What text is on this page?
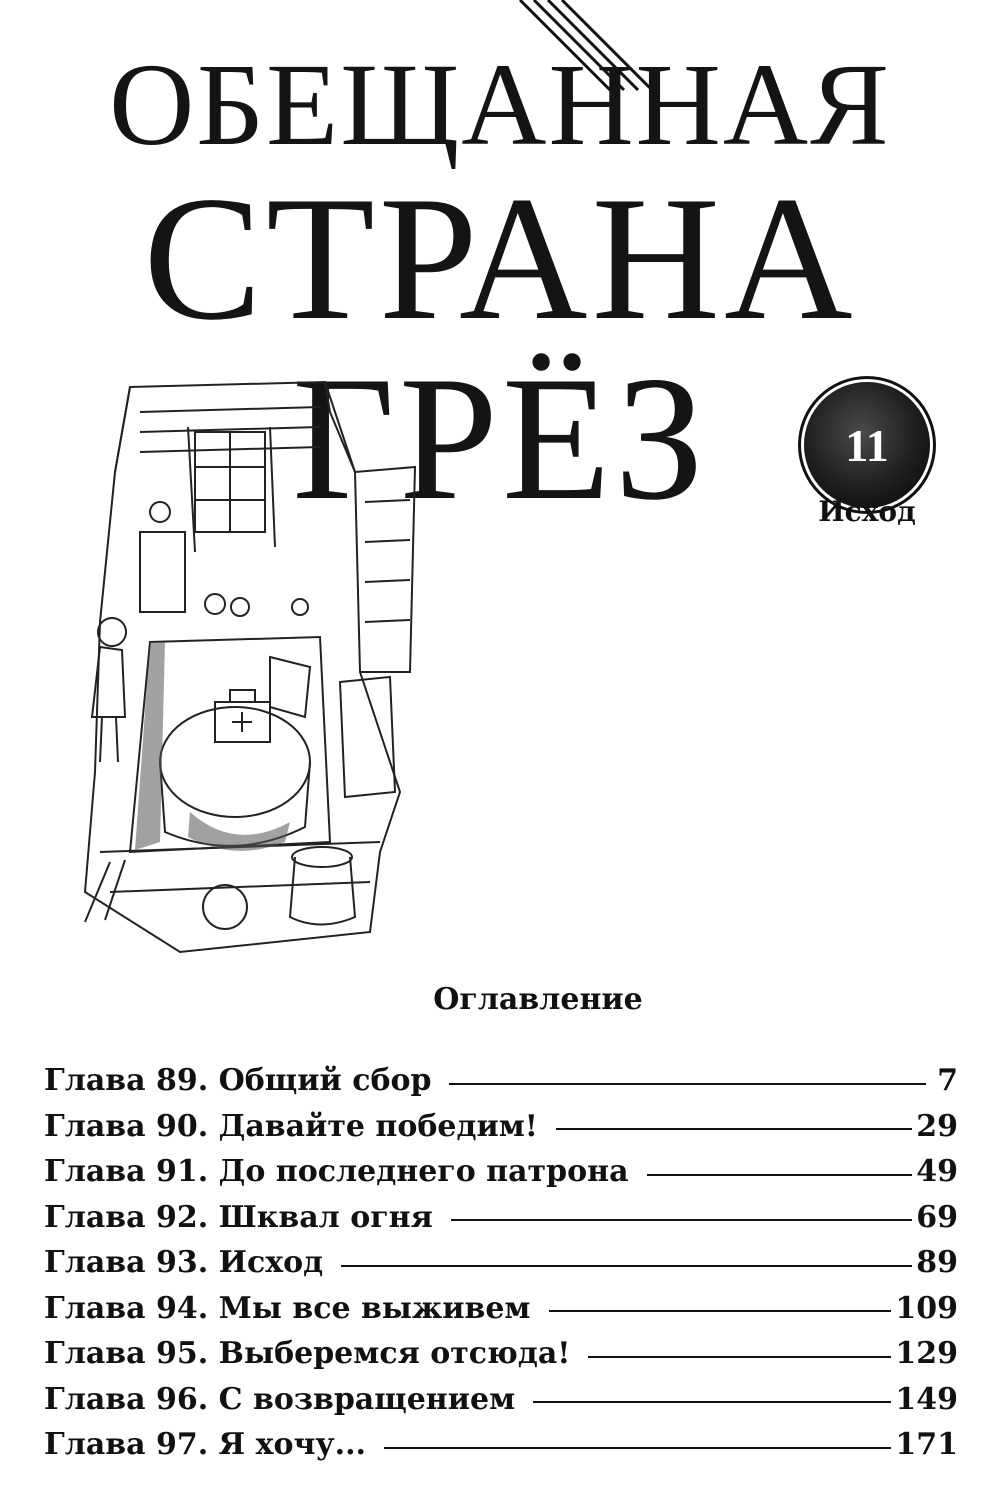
ОБЕЩАННАЯ
СТРАНА ГРЁЗ	11
Исход
Оглавление
Глава 89. Общий сбор	7
Глава 90. Давайте победим!	29
Глава 91. До последнего патрона	49
Глава 92. Шквал огня	69
Глава 93. Исход	89
Глава 94. Мы все выживем	109
Глава 95. Выберемся отсюда!	129
Глава 96. С возвращением	149
Глава 97. Я хочу...	171
